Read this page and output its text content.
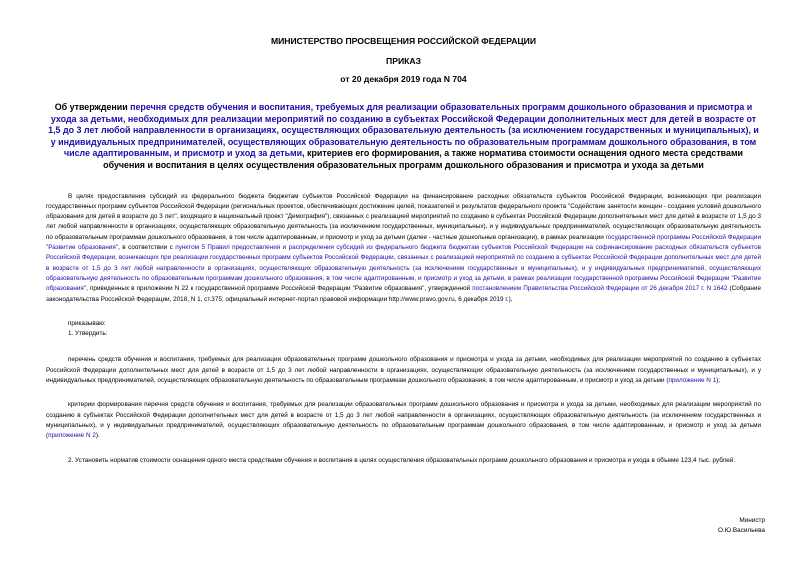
МИНИСТЕРСТВО ПРОСВЕЩЕНИЯ РОССИЙСКОЙ ФЕДЕРАЦИИ
ПРИКАЗ
от 20 декабря 2019 года N 704
Об утверждении перечня средств обучения и воспитания, требуемых для реализации образовательных программ дошкольного образования и присмотра и ухода за детьми, необходимых для реализации мероприятий по созданию в субъектах Российской Федерации дополнительных мест для детей в возрасте от 1,5 до 3 лет любой направленности в организациях, осуществляющих образовательную деятельность (за исключением государственных и муниципальных), и у индивидуальных предпринимателей, осуществляющих образовательную деятельность по образовательным программам дошкольного образования, в том числе адаптированным, и присмотр и уход за детьми, критериев его формирования, а также норматива стоимости оснащения одного места средствами обучения и воспитания в целях осуществления образовательных программ дошкольного образования и присмотра и ухода за детьми

В целях предоставления субсидий из федерального бюджета бюджетам субъектов Российской Федерации на финансирование расходных обязательств субъектов Российской Федерации, возникающих при реализации государственных программ субъектов Российской Федерации (региональных проектов, обеспечивающих достижение целей, показателей и результатов федерального проекта "Содействие занятости женщин - создание условий дошкольного образования для детей в возрасте до 3 лет", входящего в национальный проект "Демография"), связанных с реализацией мероприятий по созданию в субъектах Российской Федерации дополнительных мест для детей в возрасте от 1,5 до 3 лет любой направленности в организациях, осуществляющих образовательную деятельность (за исключением государственных, муниципальных), и у индивидуальных предпринимателей, осуществляющих образовательную деятельность по образовательным программам дошкольного образования, в том числе адаптированным, и присмотр и уход за детьми (далее - частные дошкольные организации), в рамках реализации государственной программы Российской Федерации "Развитие образования", в соответствии с пунктом 5 Правил предоставления и распределения субсидий из федерального бюджета бюджетам субъектов Российской Федерации на софинансирование расходных обязательств субъектов Российской Федерации, возникающих при реализации государственных программ субъектов Российской Федерации, связанных с реализацией мероприятий по созданию в субъектах Российской Федерации дополнительных мест для детей в возрасте от 1,5 до 3 лет любой направленности в организациях, осуществляющих образовательную деятельность (за исключением государственных и муниципальных), и у индивидуальных предпринимателей, осуществляющих образовательную деятельность по образовательным программам дошкольного образования, в том числе адаптированным, и присмотр и уход за детьми, в рамках реализации государственной программы Российской Федерации "Развитие образования", приведенных в приложении N 22 к государственной программе Российской Федерации "Развитие образования", утвержденной постановлением Правительства Российской Федерации от 26 декабря 2017 г. N 1642 (Собрание законодательства Российской Федерации, 2018, N 1, ст.375; официальный интернет-портал правовой информации http://www.pravo.gov.ru, 6 декабря 2019 г.),

приказываю:

1. Утвердить:

перечень средств обучения и воспитания, требуемых для реализации образовательных программ дошкольного образования и присмотра и ухода за детьми, необходимых для реализации мероприятий по созданию в субъектах Российской Федерации дополнительных мест для детей в возрасте от 1,5 до 3 лет любой направленности в организациях, осуществляющих образовательную деятельность (за исключением государственных и муниципальных), и у индивидуальных предпринимателей, осуществляющих образовательную деятельность по образовательным программам дошкольного образования, в том числе адаптированным, и присмотр и уход за детьми (приложение N 1);

критерии формирования перечня средств обучения и воспитания, требуемых для реализации образовательных программ дошкольного образования и присмотра и ухода за детьми, необходимых для реализации мероприятий по созданию в субъектах Российской Федерации дополнительных мест для детей в возрасте от 1,5 до 3 лет любой направленности в организациях, осуществляющих образовательную деятельность (за исключением государственных и муниципальных), и у индивидуальных предпринимателей, осуществляющих образовательную деятельность по образовательным программам дошкольного образования, в том числе адаптированным, и присмотр и уход за детьми (приложение N 2).

2. Установить норматив стоимости оснащения одного места средствами обучения и воспитания в целях осуществления образовательных программ дошкольного образования и присмотра и ухода в объеме 123,4 тыс. рублей.

Министр
О.Ю.Васильева
